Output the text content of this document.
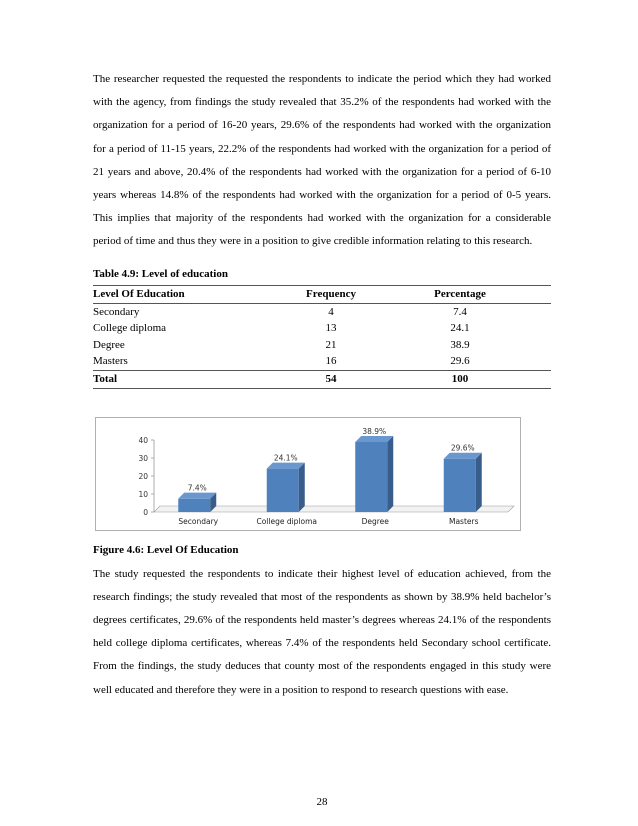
The researcher requested the requested the respondents to indicate the period which they had worked with the agency, from findings the study revealed that 35.2% of the respondents had worked with the organization for a period of 16-20 years, 29.6% of the respondents had worked with the organization for a period of 11-15 years, 22.2% of the respondents had worked with the organization for a period of 21 years and above, 20.4% of the respondents had worked with the organization for a period of 6-10 years whereas 14.8% of the respondents had worked with the organization for a period of 0-5 years. This implies that majority of the respondents had worked with the organization for a considerable period of time and thus they were in a position to give credible information relating to this research.

Table 4.9: Level of education

Level Of Education	Frequency	Percentage
Secondary	4	7.4
College diploma	13	24.1
Degree	21	38.9
Masters	16	29.6
Total	54	100
0
10
20
30
40
7.4%
Secondary
24.1%
College diploma
38.9%
Degree
29.6%
Masters

Figure 4.6: Level Of Education

The study requested the respondents to indicate their highest level of education achieved, from the research findings; the study revealed that most of the respondents as shown by 38.9% held bachelor’s degrees certificates, 29.6% of the respondents held master’s degrees whereas 24.1% of the respondents held college diploma certificates, whereas 7.4% of the respondents held Secondary school certificate. From the findings, the study deduces that county most of the respondents engaged in this study were well educated and therefore they were in a position to respond to research questions with ease.

28
